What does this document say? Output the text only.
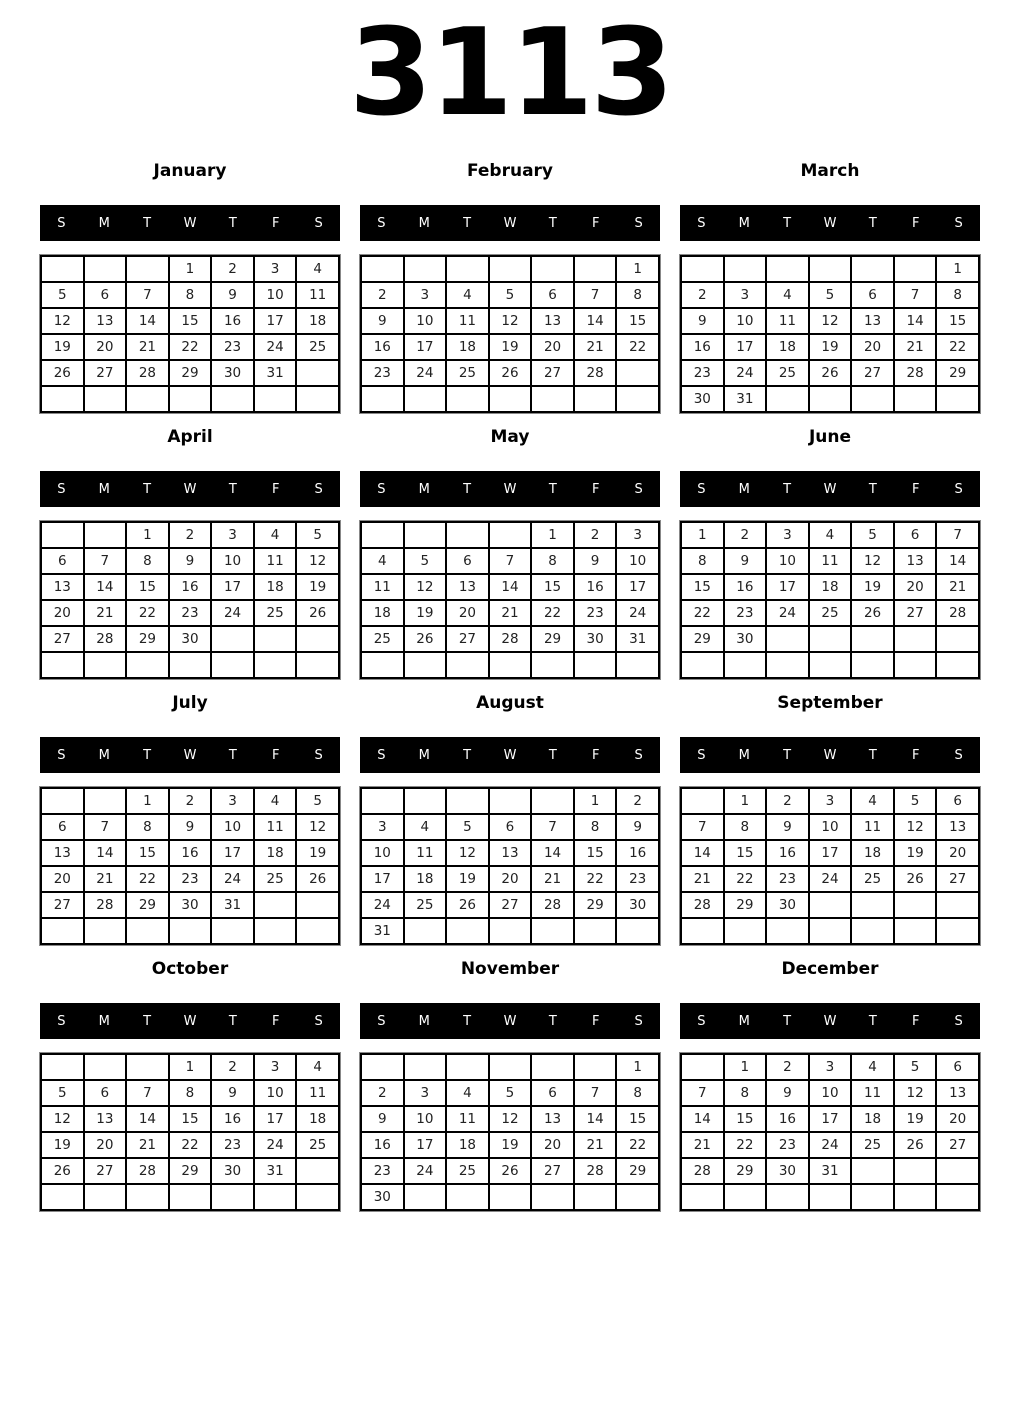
3113
January
S	M	T	W	T	F	S
			1	2	3	4
5	6	7	8	9	10	11
12	13	14	15	16	17	18
19	20	21	22	23	24	25
26	27	28	29	30	31	

February
S	M	T	W	T	F	S
						1
2	3	4	5	6	7	8
9	10	11	12	13	14	15
16	17	18	19	20	21	22
23	24	25	26	27	28	

March
S	M	T	W	T	F	S
						1
2	3	4	5	6	7	8
9	10	11	12	13	14	15
16	17	18	19	20	21	22
23	24	25	26	27	28	29
30	31					
April
S	M	T	W	T	F	S
		1	2	3	4	5
6	7	8	9	10	11	12
13	14	15	16	17	18	19
20	21	22	23	24	25	26
27	28	29	30			

May
S	M	T	W	T	F	S
				1	2	3
4	5	6	7	8	9	10
11	12	13	14	15	16	17
18	19	20	21	22	23	24
25	26	27	28	29	30	31

June
S	M	T	W	T	F	S
1	2	3	4	5	6	7
8	9	10	11	12	13	14
15	16	17	18	19	20	21
22	23	24	25	26	27	28
29	30					

July
S	M	T	W	T	F	S
		1	2	3	4	5
6	7	8	9	10	11	12
13	14	15	16	17	18	19
20	21	22	23	24	25	26
27	28	29	30	31		

August
S	M	T	W	T	F	S
					1	2
3	4	5	6	7	8	9
10	11	12	13	14	15	16
17	18	19	20	21	22	23
24	25	26	27	28	29	30
31						
September
S	M	T	W	T	F	S
	1	2	3	4	5	6
7	8	9	10	11	12	13
14	15	16	17	18	19	20
21	22	23	24	25	26	27
28	29	30				

October
S	M	T	W	T	F	S
			1	2	3	4
5	6	7	8	9	10	11
12	13	14	15	16	17	18
19	20	21	22	23	24	25
26	27	28	29	30	31	

November
S	M	T	W	T	F	S
						1
2	3	4	5	6	7	8
9	10	11	12	13	14	15
16	17	18	19	20	21	22
23	24	25	26	27	28	29
30						
December
S	M	T	W	T	F	S
	1	2	3	4	5	6
7	8	9	10	11	12	13
14	15	16	17	18	19	20
21	22	23	24	25	26	27
28	29	30	31			
